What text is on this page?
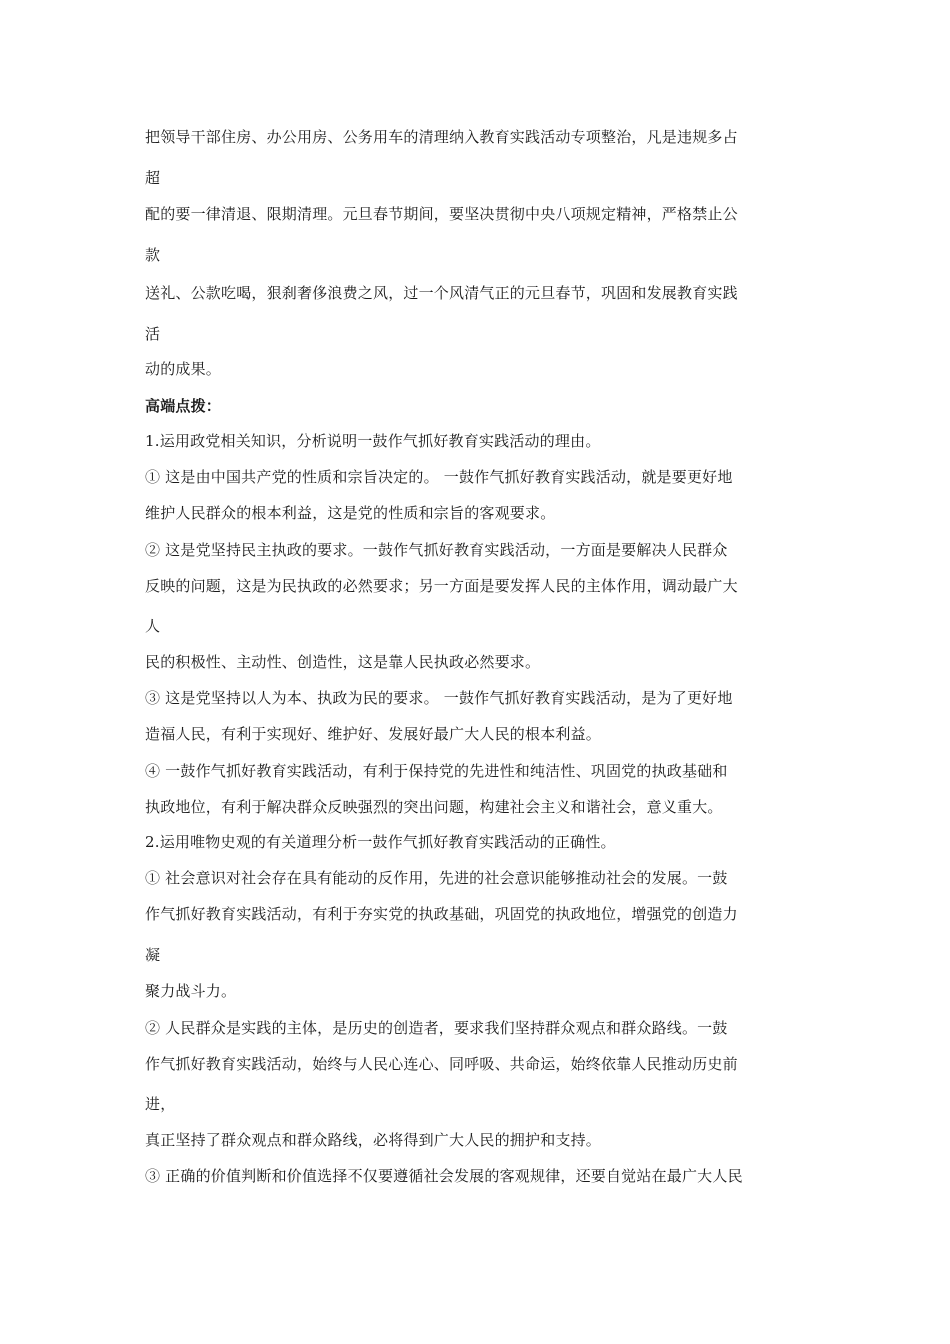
把领导干部住房、办公用房、公务用车的清理纳入教育实践活动专项整治，凡是违规多占
超
配的要一律清退、限期清理。元旦春节期间，要坚决贯彻中央八项规定精神，严格禁止公
款
送礼、公款吃喝，狠刹奢侈浪费之风，过一个风清气正的元旦春节，巩固和发展教育实践
活
动的成果。
高端点拨：
1.运用政党相关知识，分析说明一鼓作气抓好教育实践活动的理由。
① 这是由中国共产党的性质和宗旨决定的。 一鼓作气抓好教育实践活动，就是要更好地
维护人民群众的根本利益，这是党的性质和宗旨的客观要求。
② 这是党坚持民主执政的要求。一鼓作气抓好教育实践活动，一方面是要解决人民群众
反映的问题，这是为民执政的必然要求；另一方面是要发挥人民的主体作用，调动最广大
人
民的积极性、主动性、创造性，这是靠人民执政必然要求。
③ 这是党坚持以人为本、执政为民的要求。 一鼓作气抓好教育实践活动，是为了更好地
造福人民，有利于实现好、维护好、发展好最广大人民的根本利益。
④ 一鼓作气抓好教育实践活动，有利于保持党的先进性和纯洁性、巩固党的执政基础和
执政地位，有利于解决群众反映强烈的突出问题，构建社会主义和谐社会，意义重大。
2.运用唯物史观的有关道理分析一鼓作气抓好教育实践活动的正确性。
① 社会意识对社会存在具有能动的反作用，先进的社会意识能够推动社会的发展。一鼓
作气抓好教育实践活动，有利于夯实党的执政基础，巩固党的执政地位，增强党的创造力
凝
聚力战斗力。
② 人民群众是实践的主体，是历史的创造者，要求我们坚持群众观点和群众路线。一鼓
作气抓好教育实践活动，始终与人民心连心、同呼吸、共命运，始终依靠人民推动历史前
进，
真正坚持了群众观点和群众路线，必将得到广大人民的拥护和支持。
③ 正确的价值判断和价值选择不仅要遵循社会发展的客观规律，还要自觉站在最广大人民
